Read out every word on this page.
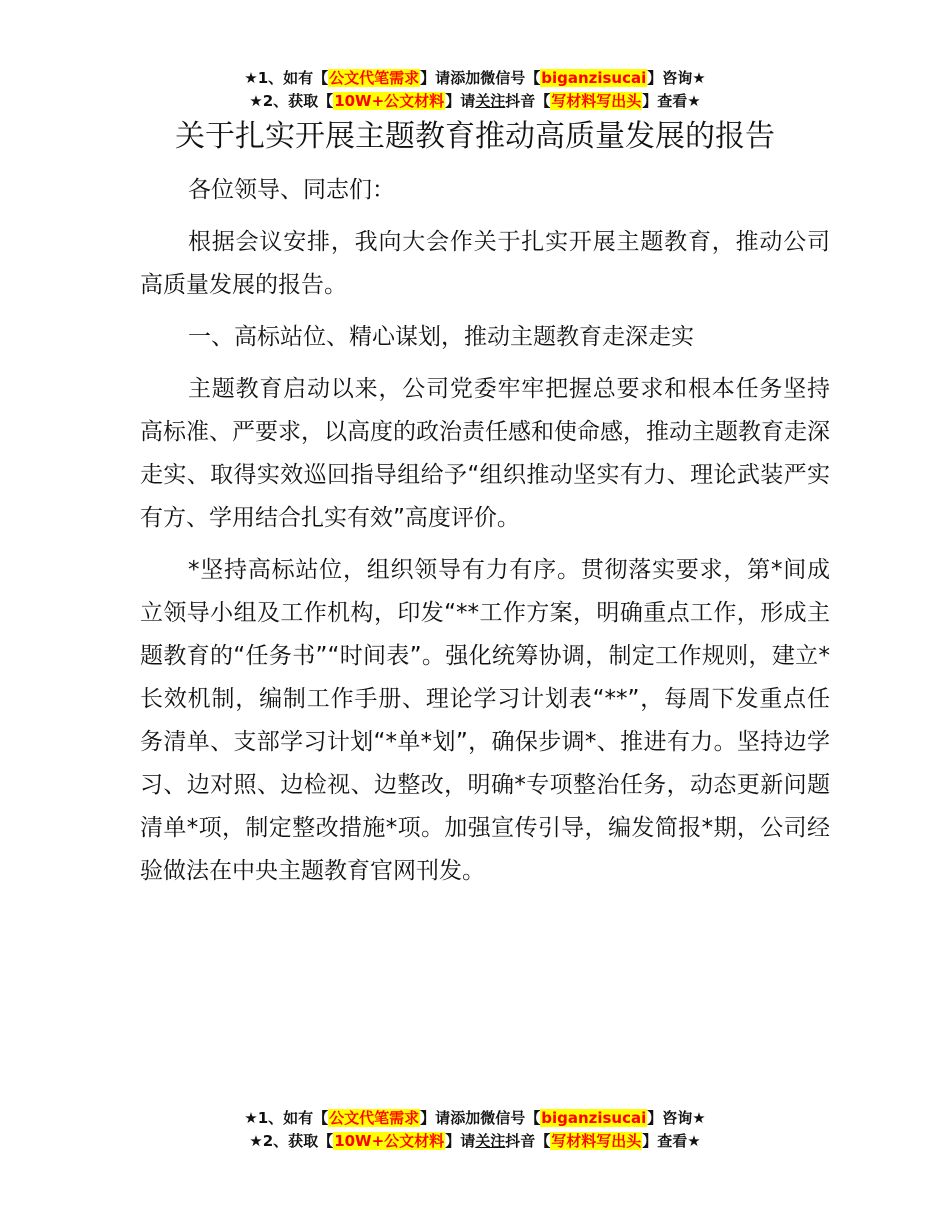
★1、如有【公文代笔需求】请添加微信号【biganzisucai】咨询★
★2、获取【10W+公文材料】请关注抖音【写材料写出头】查看★
关于扎实开展主题教育推动高质量发展的报告

各位领导、同志们：

根据会议安排，我向大会作关于扎实开展主题教育，推动公司高质量发展的报告。

一、高标站位、精心谋划，推动主题教育走深走实

主题教育启动以来，公司党委牢牢把握总要求和根本任务坚持高标准、严要求，以高度的政治责任感和使命感，推动主题教育走深走实、取得实效巡回指导组给予“组织推动坚实有力、理论武装严实有方、学用结合扎实有效”高度评价。

*坚持高标站位，组织领导有力有序。贯彻落实要求，第*间成立领导小组及工作机构，印发“**工作方案，明确重点工作，形成主题教育的“任务书”“时间表”。强化统筹协调，制定工作规则，建立*长效机制，编制工作手册、理论学习计划表“**”，每周下发重点任务清单、支部学习计划“*单*划”，确保步调*、推进有力。坚持边学习、边对照、边检视、边整改，明确*专项整治任务，动态更新问题清单*项，制定整改措施*项。加强宣传引导，编发简报*期，公司经验做法在中央主题教育官网刊发。

★1、如有【公文代笔需求】请添加微信号【biganzisucai】咨询★
★2、获取【10W+公文材料】请关注抖音【写材料写出头】查看★
